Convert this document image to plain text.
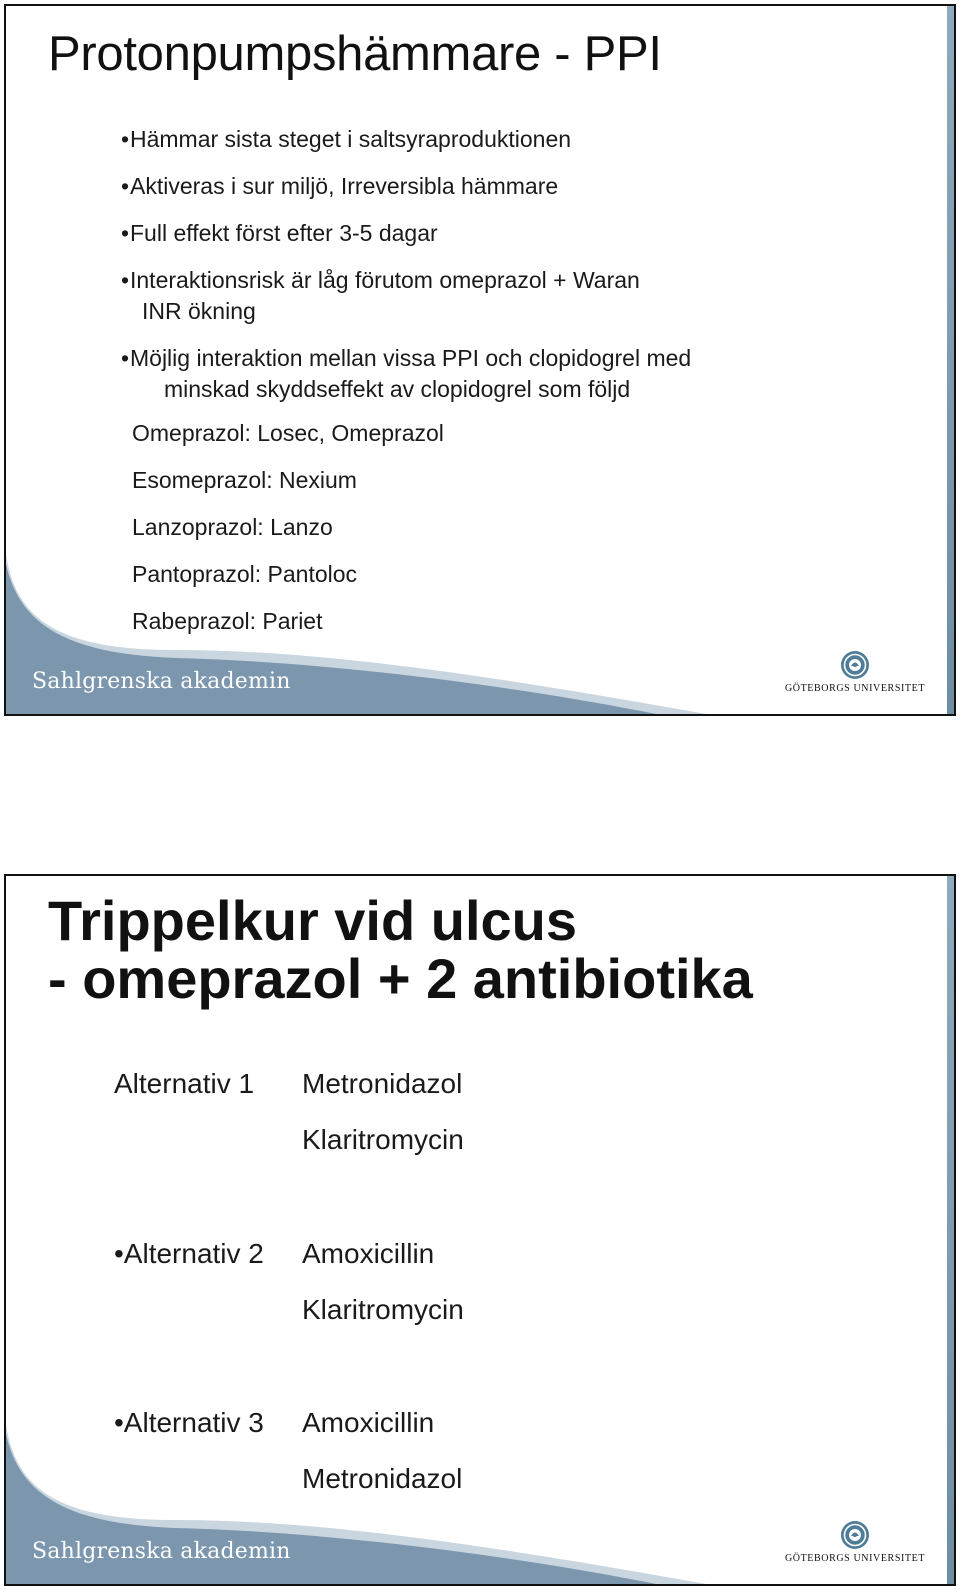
Protonpumpshämmare - PPI
• Hämmar sista steget i saltsyraproduktionen
• Aktiveras i sur miljö, Irreversibla hämmare
• Full effekt först efter 3-5 dagar
• Interaktionsrisk är låg förutom omeprazol + Waran
INR ökning
• Möjlig interaktion mellan vissa PPI och clopidogrel med
minskad skyddseffekt av clopidogrel som följd
Omeprazol: Losec, Omeprazol
Esomeprazol: Nexium
Lanzoprazol: Lanzo
Pantoprazol: Pantoloc
Rabeprazol: Pariet
Sahlgrenska akademin	GÖTEBORGS UNIVERSITET
Trippelkur vid ulcus
- omeprazol + 2 antibiotika
Alternativ 1 Metronidazol
Klaritromycin
•Alternativ 2 Amoxicillin
Klaritromycin
•Alternativ 3 Amoxicillin
Metronidazol
Sahlgrenska akademin	GÖTEBORGS UNIVERSITET
